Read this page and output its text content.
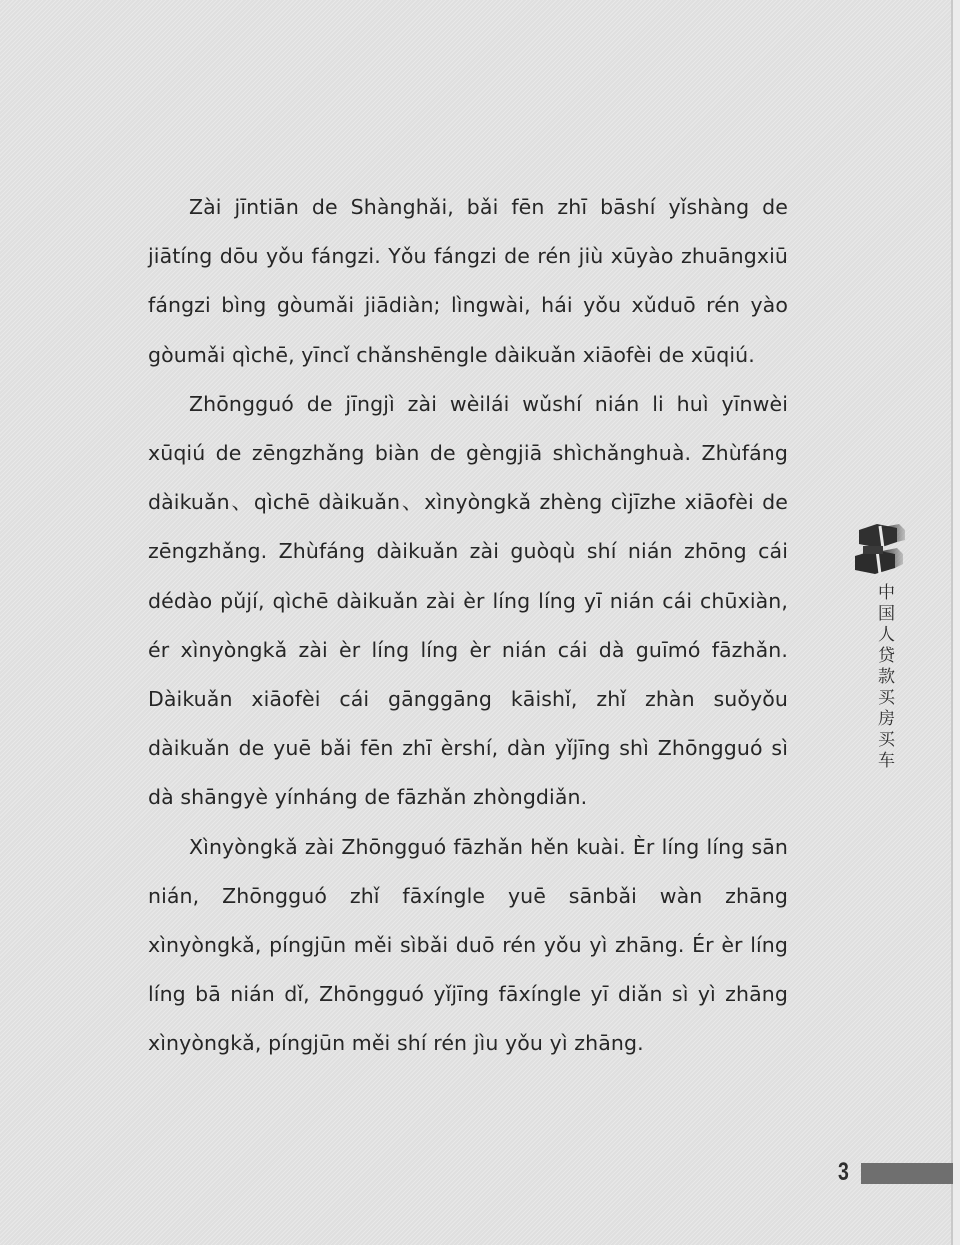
Zài jīntiān de Shànghǎi, bǎi fēn zhī bāshí yǐshàng de jiātíng dōu yǒu fángzi. Yǒu fángzi de rén jiù xūyào zhuāngxiū fángzi bìng gòumǎi jiādiàn; lìngwài, hái yǒu xǔduō rén yào gòumǎi qìchē, yīncǐ chǎnshēngle dàikuǎn xiāofèi de xūqiú.

Zhōngguó de jīngjì zài wèilái wǔshí nián li huì yīnwèi xūqiú de zēngzhǎng biàn de gèngjiā shìchǎnghuà. Zhùfáng dàikuǎn、qìchē dàikuǎn、xìnyòngkǎ zhèng cìjīzhe xiāofèi de zēngzhǎng. Zhùfáng dàikuǎn zài guòqù shí nián zhōng cái dédào pǔjí, qìchē dàikuǎn zài èr líng líng yī nián cái chūxiàn, ér xìnyòngkǎ zài èr líng líng èr nián cái dà guīmó fāzhǎn. Dàikuǎn xiāofèi cái gānggāng kāishǐ, zhǐ zhàn suǒyǒu dàikuǎn de yuē bǎi fēn zhī èrshí, dàn yǐjīng shì Zhōngguó sì dà shāngyè yínháng de fāzhǎn zhòngdiǎn.

Xìnyòngkǎ zài Zhōngguó fāzhǎn hěn kuài. Èr líng líng sān nián, Zhōngguó zhǐ fāxíngle yuē sānbǎi wàn zhāng xìnyòngkǎ, píngjūn měi sìbǎi duō rén yǒu yì zhāng. Ér èr líng líng bā nián dǐ, Zhōngguó yǐjīng fāxíngle yī diǎn sì yì zhāng xìnyòngkǎ, píngjūn měi shí rén jìu yǒu yì zhāng.

中国人贷款买房买车
3
